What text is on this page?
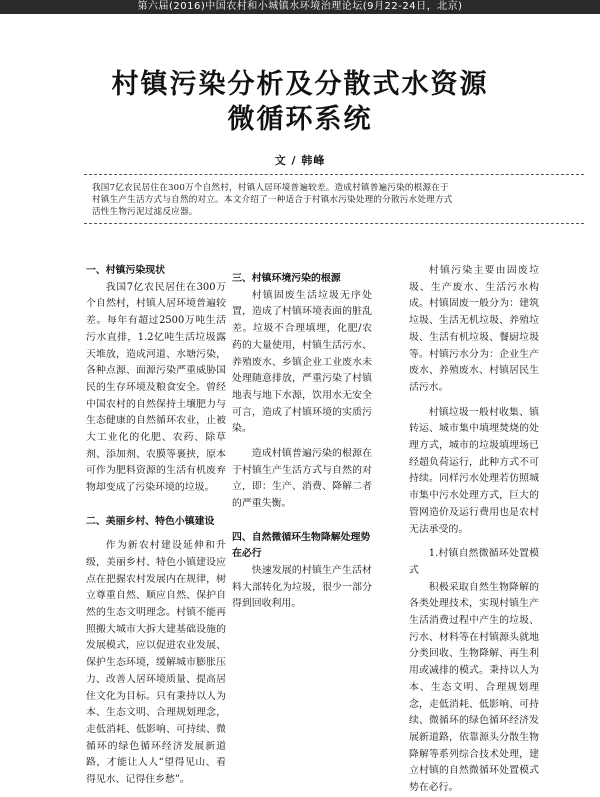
第六届(2016)中国农村和小城镇水环境治理论坛(9月22-24日，北京)
村镇污染分析及分散式水资源
微循环系统
文 / 韩峰
我国7亿农民居住在300万个自然村，村镇人居环境普遍较差。造成村镇普遍污染的根源在于
村镇生产生活方式与自然的对立。本文介绍了一种适合于村镇水污染处理的分散污水处理方式
活性生物污泥过滤反应器。
一、村镇污染现状

我国7亿农民居住在300万个自然村，村镇人居环境普遍较差。每年有超过2500万吨生活污水直排，1.2亿吨生活垃圾露天堆放，造成河道、水塘污染，各种点源、面源污染严重威胁国民的生存环境及粮食安全。曾经中国农村的自然保持土壤肥力与生态健康的自然循环农业，止被大工业化的化肥、农药、除草剂、添加剂、农膜等裹挟，原本可作为肥料资源的生活有机废弃物却变成了污染环境的垃圾。

二、美丽乡村、特色小镇建设

作为新农村建设延伸和升级，美丽乡村、特色小镇建设应点在把握农村发展内在规律，树立尊重自然、顺应自然、保护自然的生态文明理念。村镇不能再照搬大城市大拆大建基础设施的发展模式，应以促进农业发展、保护生态环境，缓解城市膨胀压力、改善人居环境质量、提高居住文化为目标。只有秉持以人为本、生态文明、合理规划理念，走低消耗、低影响、可持续、微循环的绿色循环经济发展新道路，才能让人人“望得见山、看得见水、记得住乡愁”。

三、村镇环境污染的根源

村镇固废生活垃圾无序处置，造成了村镇环境表面的脏乱差。垃圾不合理填埋，化肥/农药的大量使用，村镇生活污水、养殖废水、乡镇企业工业废水未处理随意排放，严重污染了村镇地表与地下水源，饮用水无安全可言，造成了村镇环境的实质污染。

造成村镇普遍污染的根源在于村镇生产生活方式与自然的对立，即：生产、消费、降解二者的严重失衡。

四、自然微循环生物降解处理势在必行

快速发展的村镇生产生活材料大部转化为垃圾，很少一部分得到回收利用。

村镇污染主要由固废垃圾、生产废水、生活污水构成。村镇固废一般分为：建筑垃圾、生活无机垃圾、养殖垃圾、生活有机垃圾、餐厨垃圾等。村镇污水分为：企业生产废水、养殖废水、村镇居民生活污水。

村镇垃圾一般村收集、镇转运、城市集中填埋焚烧的处理方式，城市的垃圾填埋场已经超负荷运行，此种方式不可持续。同样污水处理若仿照城市集中污水处理方式，巨大的管网造价及运行费用也是农村无法承受的。

1.村镇自然微循环处置模式

积极采取自然生物降解的各类处理技术，实现村镇生产生活消费过程中产生的垃圾、污水、材料等在村镇源头就地分类回收、生物降解、再生利用或减排的模式。秉持以人为本、生态文明、合理规划理念，走低消耗、低影响、可持续、微循环的绿色循环经济发展新道路，依靠源头分散生物降解等系列综合技术处理，建立村镇的自然微循环处置模式势在必行。
